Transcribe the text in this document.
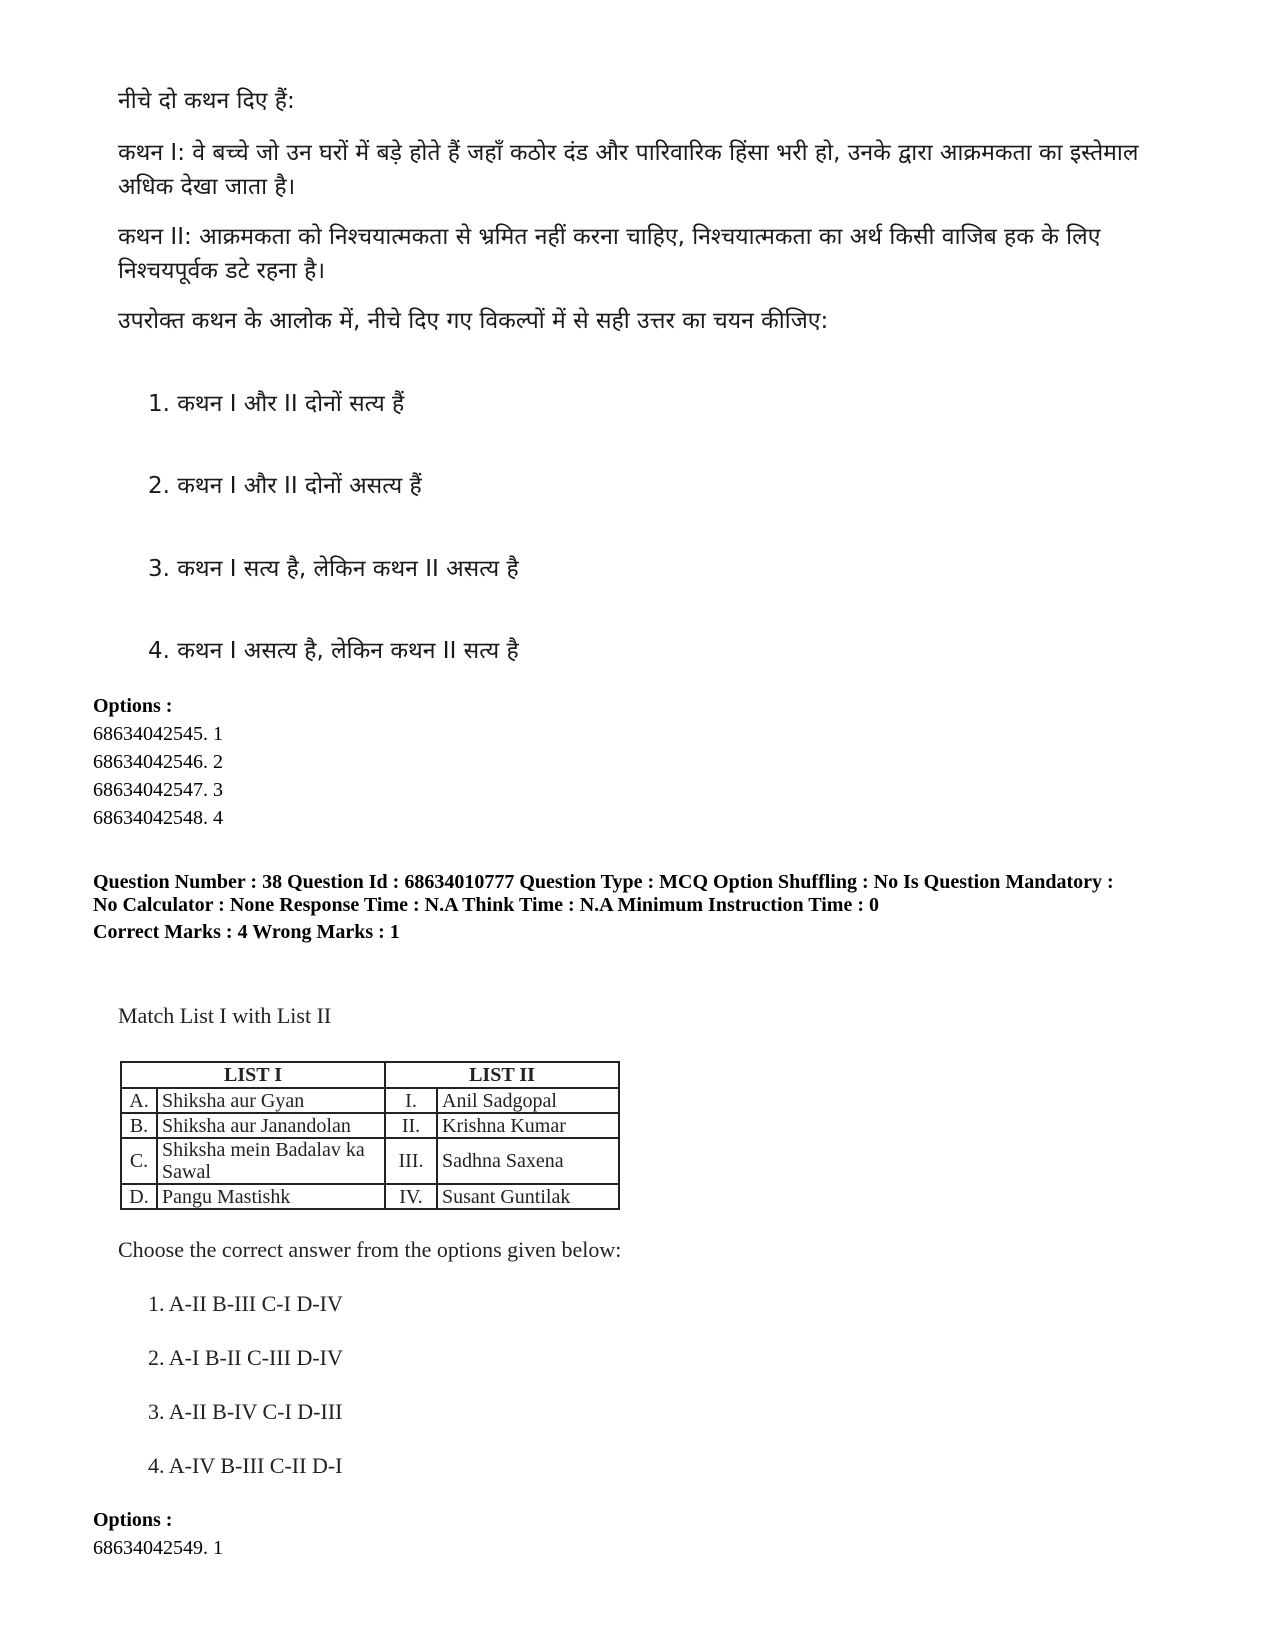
नीचे दो कथन दिए हैं:
कथन I: वे बच्चे जो उन घरों में बड़े होते हैं जहाँ कठोर दंड और पारिवारिक हिंसा भरी हो, उनके द्वारा आक्रमकता का इस्तेमाल अधिक देखा जाता है।
कथन II: आक्रमकता को निश्चयात्मकता से भ्रमित नहीं करना चाहिए, निश्चयात्मकता का अर्थ किसी वाजिब हक के लिए निश्चयपूर्वक डटे रहना है।
उपरोक्त कथन के आलोक में, नीचे दिए गए विकल्पों में से सही उत्तर का चयन कीजिए:
1. कथन I और II दोनों सत्य हैं
2. कथन I और II दोनों असत्य हैं
3. कथन I सत्य है, लेकिन कथन II असत्य है
4. कथन I असत्य है, लेकिन कथन II सत्य है
Options :
68634042545. 1
68634042546. 2
68634042547. 3
68634042548. 4
Question Number : 38 Question Id : 68634010777 Question Type : MCQ Option Shuffling : No Is Question Mandatory :
No Calculator : None Response Time : N.A Think Time : N.A Minimum Instruction Time : 0
Correct Marks : 4 Wrong Marks : 1
Match List I with List II
LIST I		LIST II	
A.	Shiksha aur Gyan	I.	Anil Sadgopal
B.	Shiksha aur Janandolan	II.	Krishna Kumar
C.	Shiksha mein Badalav ka Sawal	III.	Sadhna Saxena
D.	Pangu Mastishk	IV.	Susant Guntilak
Choose the correct answer from the options given below:
1. A-II B-III C-I D-IV
2. A-I B-II C-III D-IV
3. A-II B-IV C-I D-III
4. A-IV B-III C-II D-I
Options :
68634042549. 1
